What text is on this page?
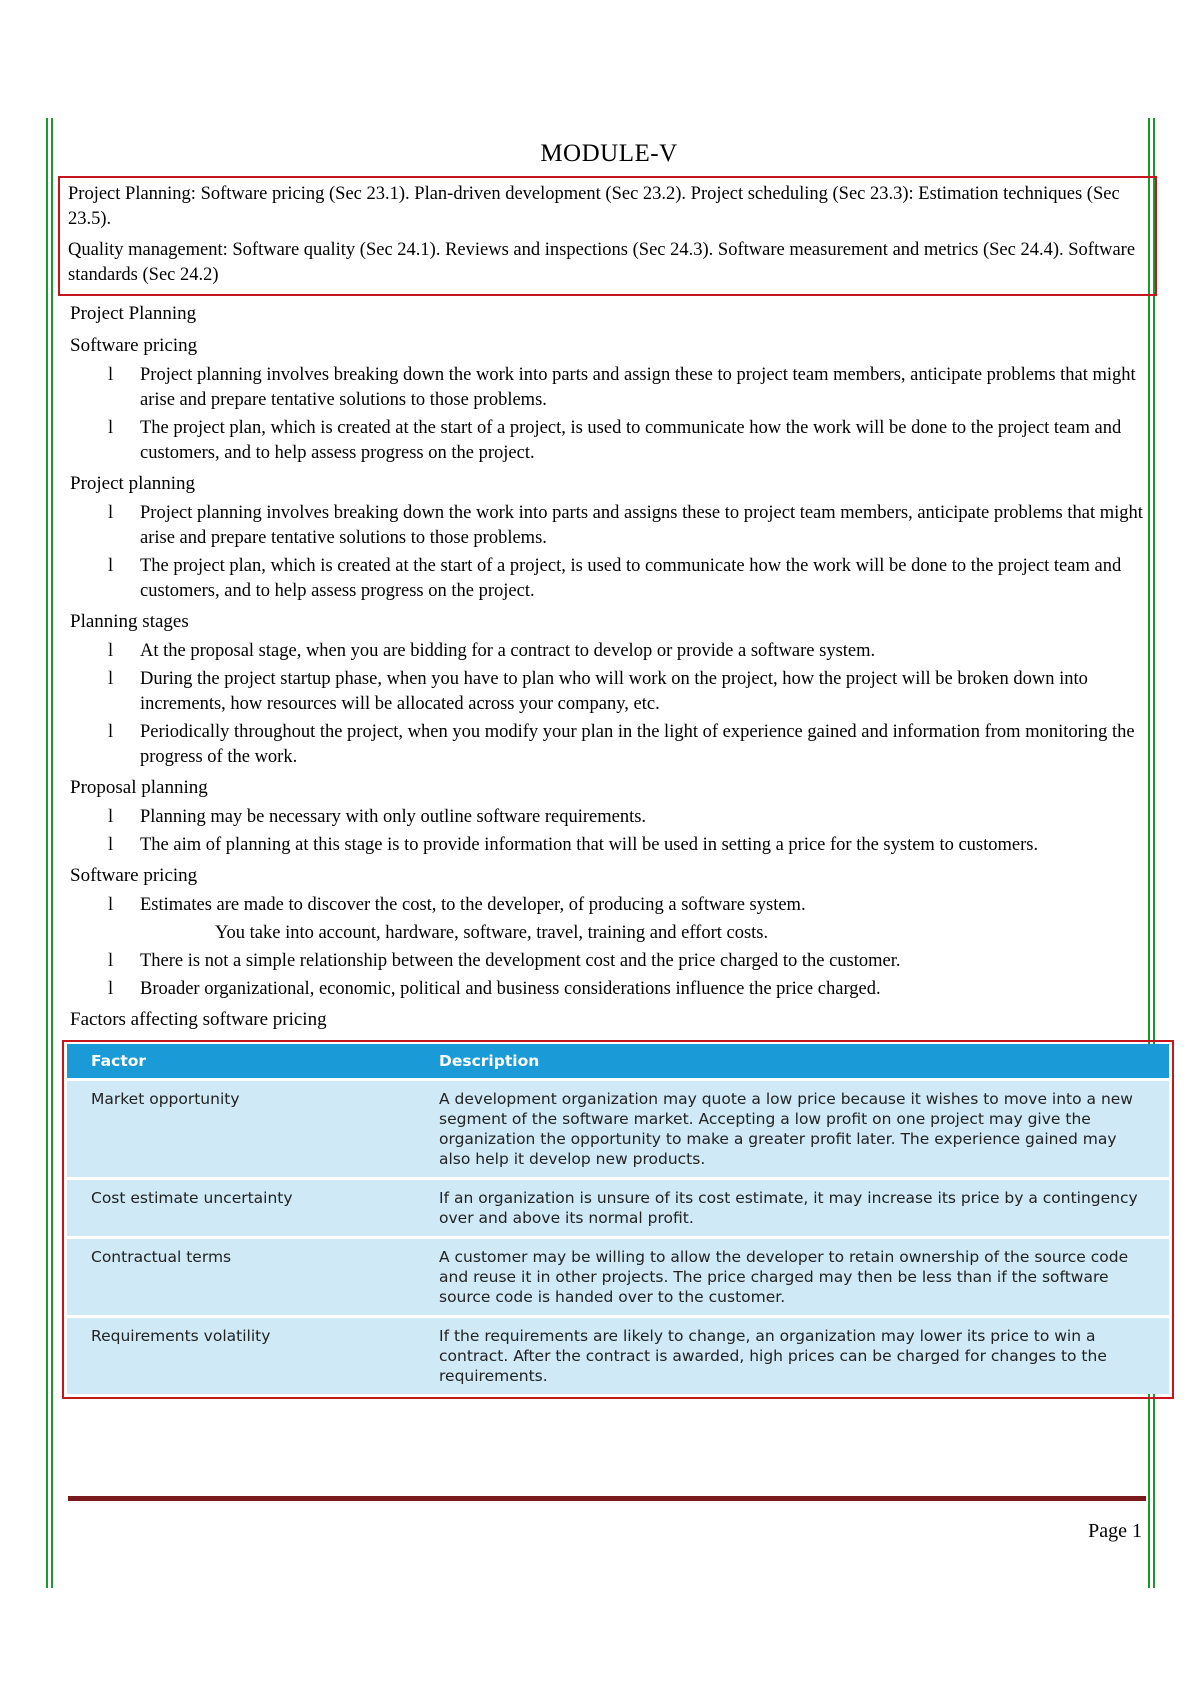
MODULE-V

Project Planning: Software pricing (Sec 23.1). Plan-driven development (Sec 23.2). Project scheduling (Sec 23.3): Estimation techniques (Sec 23.5).

Quality management: Software quality (Sec 24.1). Reviews and inspections (Sec 24.3). Software measurement and metrics (Sec 24.4). Software standards (Sec 24.2)

Project Planning
Software pricing
l Project planning involves breaking down the work into parts and assign these to project team members, anticipate problems that might arise and prepare tentative solutions to those problems.
l The project plan, which is created at the start of a project, is used to communicate how the work will be done to the project team and customers, and to help assess progress on the project.
Project planning
l Project planning involves breaking down the work into parts and assigns these to project team members, anticipate problems that might arise and prepare tentative solutions to those problems.
l The project plan, which is created at the start of a project, is used to communicate how the work will be done to the project team and customers, and to help assess progress on the project.
Planning stages
l At the proposal stage, when you are bidding for a contract to develop or provide a software system.
l During the project startup phase, when you have to plan who will work on the project, how the project will be broken down into increments, how resources will be allocated across your company, etc.
l Periodically throughout the project, when you modify your plan in the light of experience gained and information from monitoring the progress of the work.
Proposal planning
l Planning may be necessary with only outline software requirements.
l The aim of planning at this stage is to provide information that will be used in setting a price for the system to customers.
Software pricing
l Estimates are made to discover the cost, to the developer, of producing a software system.
You take into account, hardware, software, travel, training and effort costs.
l There is not a simple relationship between the development cost and the price charged to the customer.
l Broader organizational, economic, political and business considerations influence the price charged.
Factors affecting software pricing
Factor	Description
Market opportunity	A development organization may quote a low price because it wishes to move into a new segment of the software market. Accepting a low profit on one project may give the organization the opportunity to make a greater profit later. The experience gained may also help it develop new products.
Cost estimate uncertainty	If an organization is unsure of its cost estimate, it may increase its price by a contingency over and above its normal profit.
Contractual terms	A customer may be willing to allow the developer to retain ownership of the source code and reuse it in other projects. The price charged may then be less than if the software source code is handed over to the customer.
Requirements volatility	If the requirements are likely to change, an organization may lower its price to win a contract. After the contract is awarded, high prices can be charged for changes to the requirements.
Page 1
